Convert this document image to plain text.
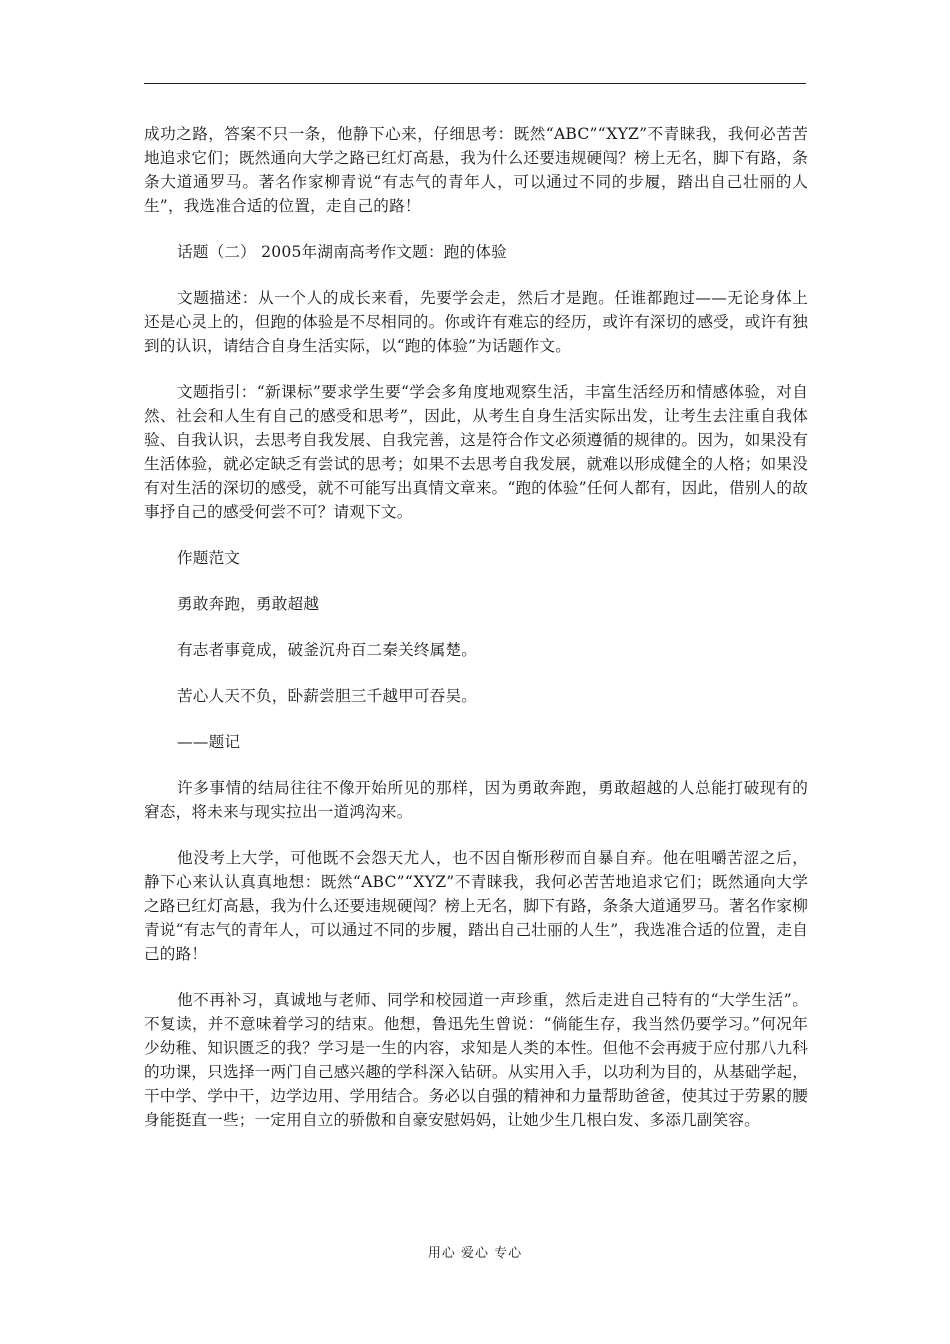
成功之路，答案不只一条，他静下心来，仔细思考：既然“ABC”“XYZ”不青睐我，我何必苦苦地追求它们；既然通向大学之路已红灯高悬，我为什么还要违规硬闯？榜上无名，脚下有路，条条大道通罗马。著名作家柳青说“有志气的青年人，可以通过不同的步履，踏出自己壮丽的人生”，我选准合适的位置，走自己的路！

话题（二） 2005年湖南高考作文题：跑的体验

文题描述：从一个人的成长来看，先要学会走，然后才是跑。任谁都跑过——无论身体上还是心灵上的，但跑的体验是不尽相同的。你或许有难忘的经历，或许有深切的感受，或许有独到的认识，请结合自身生活实际，以“跑的体验”为话题作文。

文题指引：“新课标”要求学生要“学会多角度地观察生活，丰富生活经历和情感体验，对自然、社会和人生有自己的感受和思考”，因此，从考生自身生活实际出发，让考生去注重自我体验、自我认识，去思考自我发展、自我完善，这是符合作文必须遵循的规律的。因为，如果没有生活体验，就必定缺乏有尝试的思考；如果不去思考自我发展，就难以形成健全的人格；如果没有对生活的深切的感受，就不可能写出真情文章来。“跑的体验”任何人都有，因此，借别人的故事抒自己的感受何尝不可？请观下文。

作题范文

勇敢奔跑，勇敢超越

有志者事竟成，破釜沉舟百二秦关终属楚。

苦心人天不负，卧薪尝胆三千越甲可吞吴。

——题记

许多事情的结局往往不像开始所见的那样，因为勇敢奔跑，勇敢超越的人总能打破现有的窘态，将未来与现实拉出一道鸿沟来。

他没考上大学，可他既不会怨天尤人，也不因自惭形秽而自暴自弃。他在咀嚼苦涩之后，静下心来认认真真地想：既然“ABC”“XYZ”不青睐我，我何必苦苦地追求它们；既然通向大学之路已红灯高悬，我为什么还要违规硬闯？榜上无名，脚下有路，条条大道通罗马。著名作家柳青说“有志气的青年人，可以通过不同的步履，踏出自己壮丽的人生”，我选准合适的位置，走自己的路！

他不再补习，真诚地与老师、同学和校园道一声珍重，然后走进自己特有的“大学生活”。不复读，并不意味着学习的结束。他想，鲁迅先生曾说：“倘能生存，我当然仍要学习。”何况年少幼稚、知识匮乏的我？学习是一生的内容，求知是人类的本性。但他不会再疲于应付那八九科的功课，只选择一两门自己感兴趣的学科深入钻研。从实用入手，以功利为目的，从基础学起，干中学、学中干，边学边用、学用结合。务必以自强的精神和力量帮助爸爸，使其过于劳累的腰身能挺直一些；一定用自立的骄傲和自豪安慰妈妈，让她少生几根白发、多添几副笑容。

用心 爱心 专心
